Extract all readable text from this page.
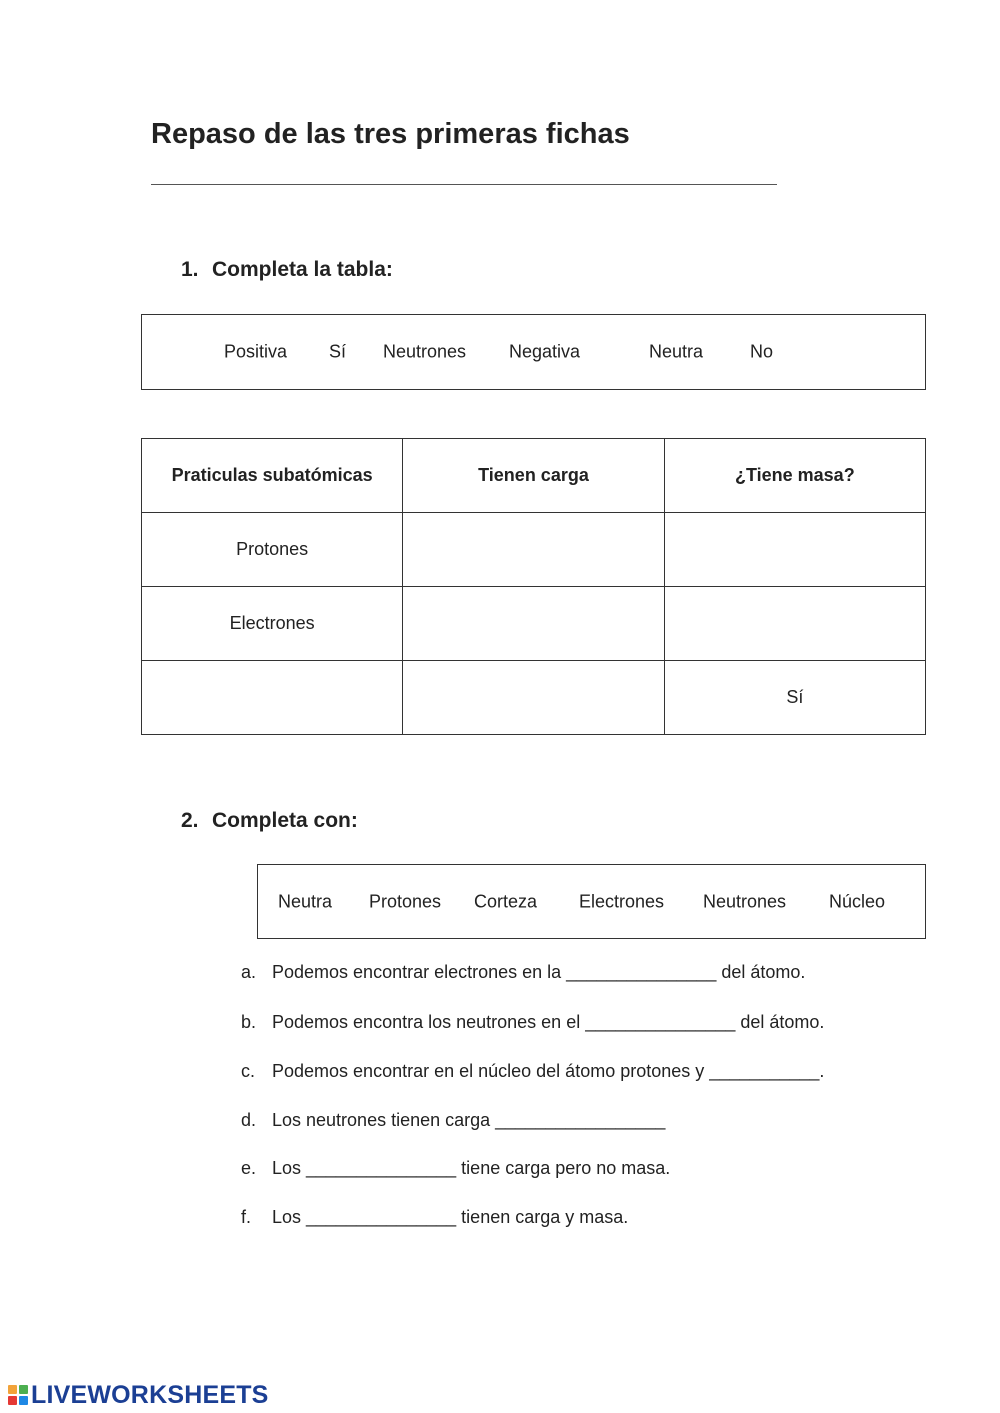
Repaso de las tres primeras fichas
1. Completa la tabla:
Positiva Sí Neutrones Negativa	Neutra	No
Praticulas subatómicas	Tienen carga	¿Tiene masa?
Protones		
Electrones		
		Sí
2. Completa con:
Neutra Protones Corteza Electrones Neutrones Núcleo
a. Podemos encontrar electrones en la _______________ del átomo.
b. Podemos encontra los neutrones en el _______________ del átomo.
c. Podemos encontrar en el núcleo del átomo protones y ___________.
d. Los neutrones tienen carga _________________
e. Los _______________ tiene carga pero no masa.
f. Los _______________ tienen carga y masa.
LIVEWORKSHEETS
